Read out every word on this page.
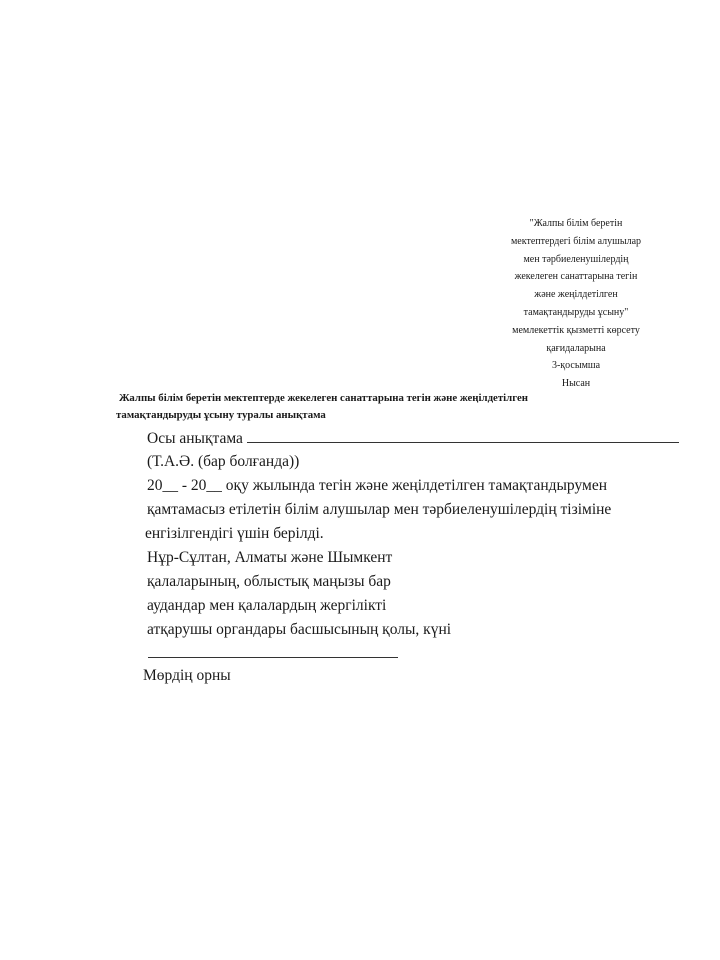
"Жалпы білім беретін
мектептердегі білім алушылар
мен тәрбиеленушілердің
жекелеген санаттарына тегін
және жеңілдетілген
тамақтандыруды ұсыну"
мемлекеттік қызметті көрсету
қағидаларына
3-қосымша
Нысан
Жалпы білім беретін мектептерде жекелеген санаттарына тегін және жеңілдетілген
тамақтандыруды ұсыну туралы анықтама
Осы анықтама
(Т.А.Ә. (бар болғанда))
20__ - 20__ оқу жылында тегін және жеңілдетілген тамақтандырумен
қамтамасыз етілетін білім алушылар мен тәрбиеленушілердің тізіміне
енгізілгендігі үшін берілді.
Нұр-Сұлтан, Алматы және Шымкент
қалаларының, облыстық маңызы бар
аудандар мен қалалардың жергілікті
атқарушы органдары басшысының қолы, күні
Мөрдің орны
